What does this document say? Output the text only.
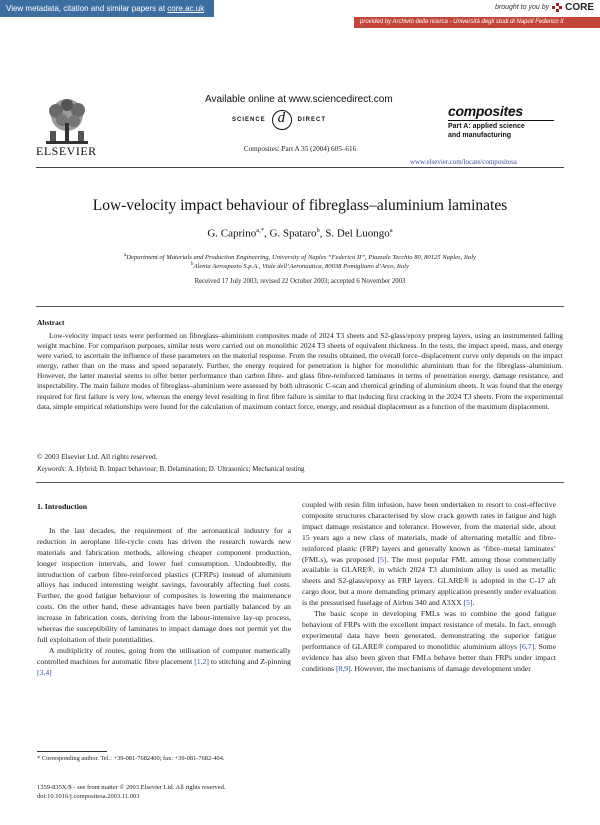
View metadata, citation and similar papers at core.ac.uk	brought to you by CORE
provided by Archivio della ricerca - Università degli studi di Napoli Federico II
ELSEVIER
Available online at www.sciencedirect.com
SCIENCE
d	DIRECT
Composites: Part A 35 (2004) 605–616
composites
Part A: applied science
and manufacturing
www.elsevier.com/locate/compositesa
Low-velocity impact behaviour of fibreglass–aluminium laminates
G. Caprino$^{a,*}$, G. Spataro$^b$, S. Del Luongo$^a$
$^a$Department of Materials and Production Engineering, University of Naples “Federico II”, Piazzale Tecchio 80, 80125 Naples, Italy
$^b$Alenia Aerospazio S.p.A., Viale dell’Aeronautica, 80038 Pomigliano d’Arco, Italy
Received 17 July 2003; revised 22 October 2003; accepted 6 November 2003
Abstract

Low-velocity impact tests were performed on fibreglass–aluminium composites made of 2024 T3 sheets and S2-glass/epoxy prepreg layers, using an instrumented falling weight machine. For comparison purposes, similar tests were carried out on monolithic 2024 T3 sheets of equivalent thickness. In the tests, the impact speed, mass, and energy were varied, to ascertain the influence of these parameters on the material response. From the results obtained, the overall force–displacement curve only depends on the impact energy, rather than on the mass and speed separately. Further, the energy required for penetration is higher for monolithic aluminium than for the fibreglass–aluminium. However, the latter material seems to offer better performance than carbon fibre- and glass fibre-reinforced laminates in terms of penetration energy, damage resistance, and inspectability. The main failure modes of fibreglass–aluminium were assessed by both ultrasonic C-scan and chemical grinding of aluminium sheets. It was found that the energy required for first failure is very low, whereas the energy level resulting in first fibre failure is similar to that inducing first cracking in the 2024 T3 sheets. From the experimental data, simple empirical relationships were found for the calculation of maximum contact force, energy, and residual displacement as a function of the maximum displacement.

© 2003 Elsevier Ltd. All rights reserved.
Keywords: A. Hybrid; B. Impact behaviour; B. Delamination; D. Ultrasonics; Mechanical testing
1. Introduction

In the last decades, the requirement of the aeronautical industry for a reduction in aeroplane life-cycle costs has driven the research towards new materials and fabrication methods, allowing cheaper component production, longer inspection intervals, and lower fuel consumption. Undoubtedly, the introduction of carbon fibre-reinforced plastics (CFRPs) instead of aluminium alloys has induced interesting weight savings, favourably affecting fuel costs. Further, the good fatigue behaviour of composites is lowering the maintenance costs. On the other hand, these advantages have been partially balanced by an increase in fabrication costs, deriving from the labour-intensive lay-up process, whereas the susceptibility of laminates to impact damage does not permit yet the full exploitation of their potentialities.

A multiplicity of routes, going from the utilisation of computer numerically controlled machines for automatic fibre placement [1,2] to stitching and Z-pinning [3,4]

coupled with resin film infusion, have been undertaken to resort to cost-effective composite structures characterised by slow crack growth rates in fatigue and high impact damage resistance and tolerance. However, from the material side, about 15 years ago a new class of materials, made of alternating metallic and fibre-reinforced plastic (FRP) layers and generally known as ‘fibre–metal laminates’ (FMLs), was proposed [5]. The most popular FML among those commercially available is GLARE®, in which 2024 T3 aluminium alloy is used as metallic sheets and S2-glass/epoxy as FRP layers. GLARE® is adopted in the C-17 aft cargo door, but a more demanding primary application presently under evaluation is the pressurised fuselage of Airbus 340 and A3XX [5].

The basic scope in developing FMLs was to combine the good fatigue behaviour of FRPs with the excellent impact resistance of metals. In fact, enough experimental data have been generated, demonstrating the superior fatigue performance of GLARE® compared to monolithic aluminium alloys [6,7]. Some evidence has also been given that FMLs behave better than FRPs under impact conditions [8,9]. However, the mechanisms of damage development under

* Corresponding author. Tel.: +39-081-7682400; fax: +39-081-7682-404.
1359-835X/$ - see front matter © 2003 Elsevier Ltd. All rights reserved.
doi:10.1016/j.compositesa.2003.11.003
